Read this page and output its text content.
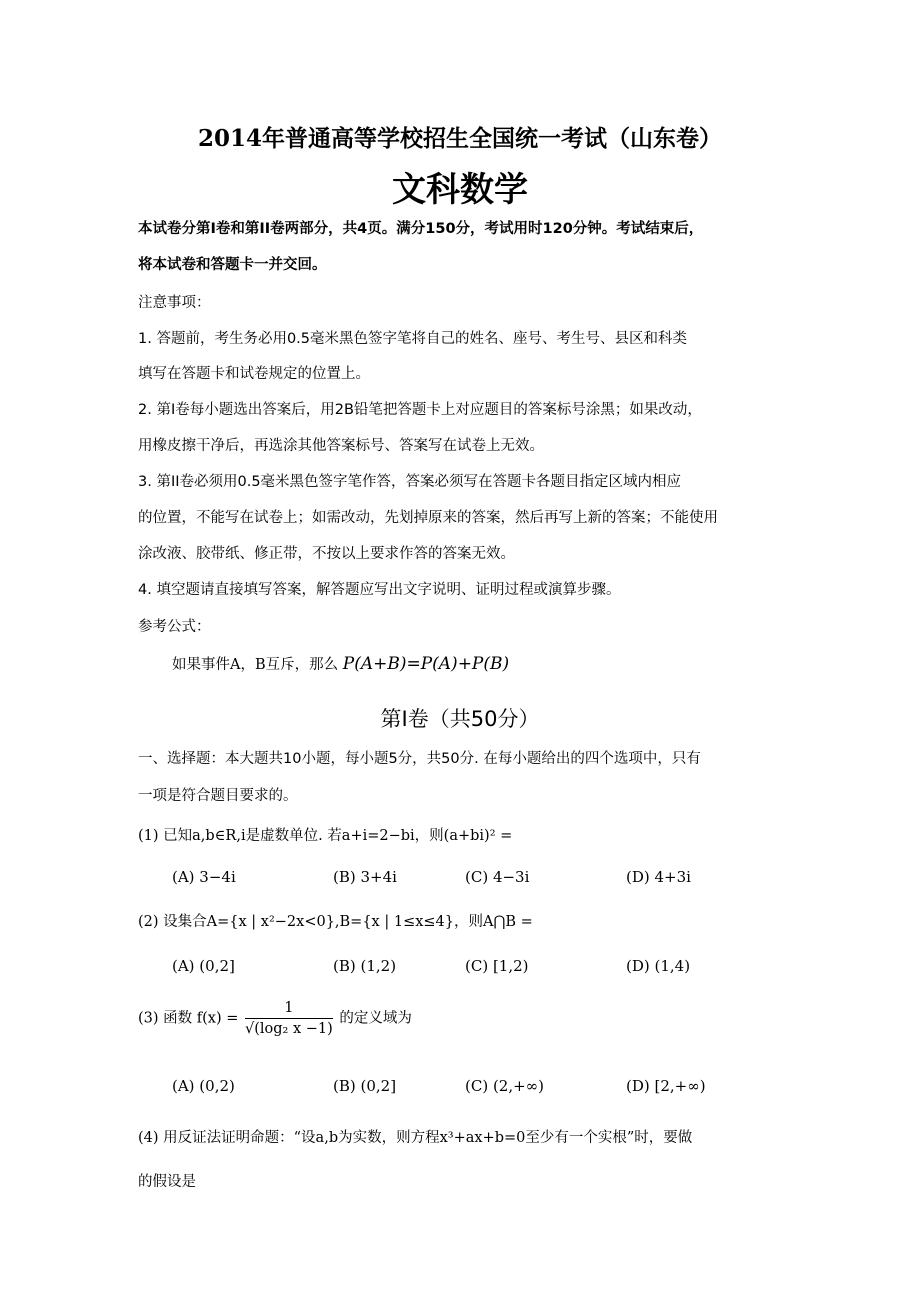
2014年普通高等学校招生全国统一考试（山东卷）
文科数学
本试卷分第Ⅰ卷和第II卷两部分，共4页。满分150分，考试用时120分钟。考试结束后，
将本试卷和答题卡一并交回。
注意事项：
1. 答题前，考生务必用0.5毫米黑色签字笔将自己的姓名、座号、考生号、县区和科类
填写在答题卡和试卷规定的位置上。
2. 第Ⅰ卷每小题选出答案后，用2B铅笔把答题卡上对应题目的答案标号涂黑；如果改动，
用橡皮擦干净后，再选涂其他答案标号、答案写在试卷上无效。
3. 第II卷必须用0.5毫米黑色签字笔作答，答案必须写在答题卡各题目指定区域内相应
的位置，不能写在试卷上；如需改动，先划掉原来的答案，然后再写上新的答案；不能使用
涂改液、胶带纸、修正带，不按以上要求作答的答案无效。
4. 填空题请直接填写答案，解答题应写出文字说明、证明过程或演算步骤。
参考公式：
如果事件A，B互斥，那么 P(A+B)=P(A)+P(B)
第Ⅰ卷（共50分）
一、选择题：本大题共10小题，每小题5分，共50分. 在每小题给出的四个选项中，只有
一项是符合题目要求的。
(1) 已知a,b∈R,i是虚数单位. 若a+i=2−bi，则(a+bi)² =
(A) 3−4i	(B) 3+4i	(C) 4−3i	(D) 4+3i
(2) 设集合A={x | x²−2x<0},B={x | 1≤x≤4}，则A⋂B =
(A) (0,2]	(B) (1,2)	(C) [1,2)	(D) (1,4)
(3) 函数 $f(x) = \frac{1}{\text{√(log₂ x −1)}}$ 的定义域为
(A) (0,2)	(B) (0,2]	(C) (2,+∞)	(D) [2,+∞)
(4) 用反证法证明命题：“设a,b为实数，则方程x³+ax+b=0至少有一个实根”时，要做
的假设是
